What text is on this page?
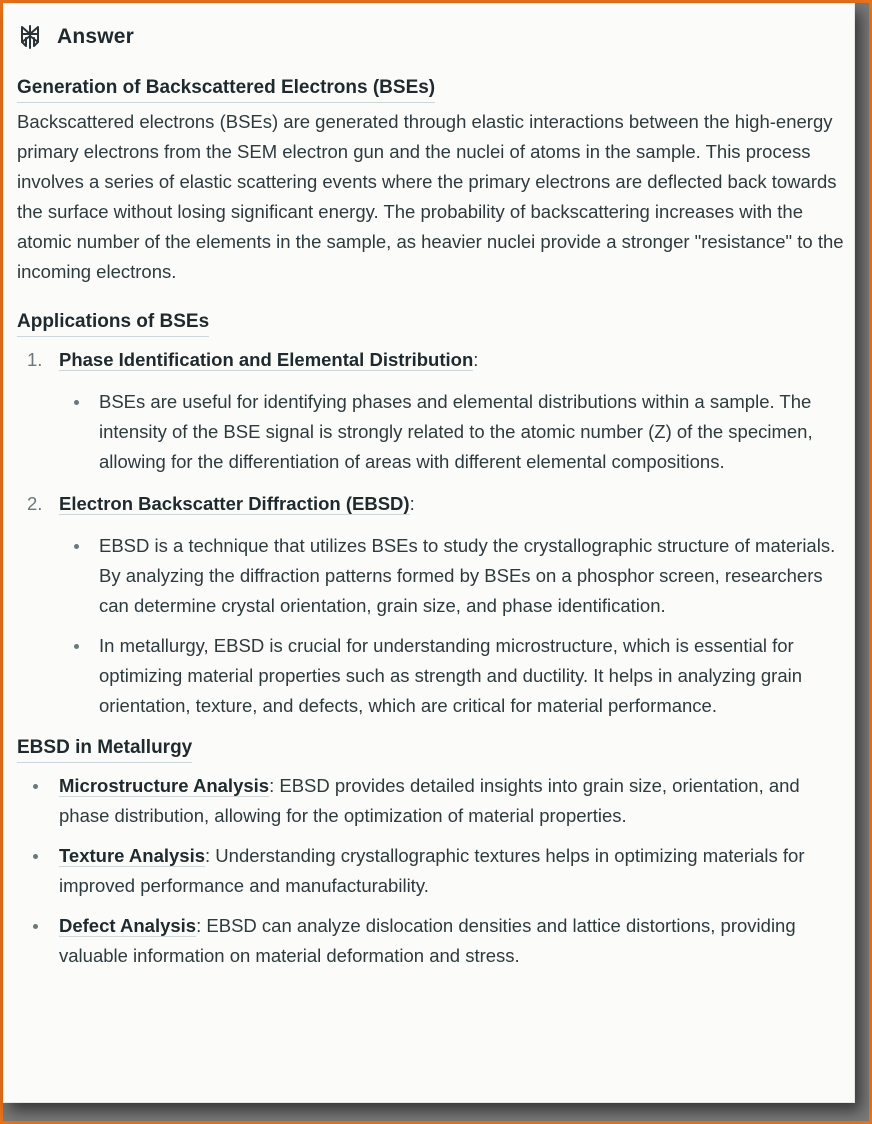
Answer
Generation of Backscattered Electrons (BSEs)

Backscattered electrons (BSEs) are generated through elastic interactions between the high-energy primary electrons from the SEM electron gun and the nuclei of atoms in the sample. This process involves a series of elastic scattering events where the primary electrons are deflected back towards the surface without losing significant energy. The probability of backscattering increases with the atomic number of the elements in the sample, as heavier nuclei provide a stronger "resistance" to the incoming electrons.

Applications of BSEs
1. Phase Identification and Elemental Distribution:
BSEs are useful for identifying phases and elemental distributions within a sample. The intensity of the BSE signal is strongly related to the atomic number (Z) of the specimen, allowing for the differentiation of areas with different elemental compositions.
2. Electron Backscatter Diffraction (EBSD):
EBSD is a technique that utilizes BSEs to study the crystallographic structure of materials. By analyzing the diffraction patterns formed by BSEs on a phosphor screen, researchers can determine crystal orientation, grain size, and phase identification.
In metallurgy, EBSD is crucial for understanding microstructure, which is essential for optimizing material properties such as strength and ductility. It helps in analyzing grain orientation, texture, and defects, which are critical for material performance.
EBSD in Metallurgy
Microstructure Analysis: EBSD provides detailed insights into grain size, orientation, and phase distribution, allowing for the optimization of material properties.
Texture Analysis: Understanding crystallographic textures helps in optimizing materials for improved performance and manufacturability.
Defect Analysis: EBSD can analyze dislocation densities and lattice distortions, providing valuable information on material deformation and stress.
